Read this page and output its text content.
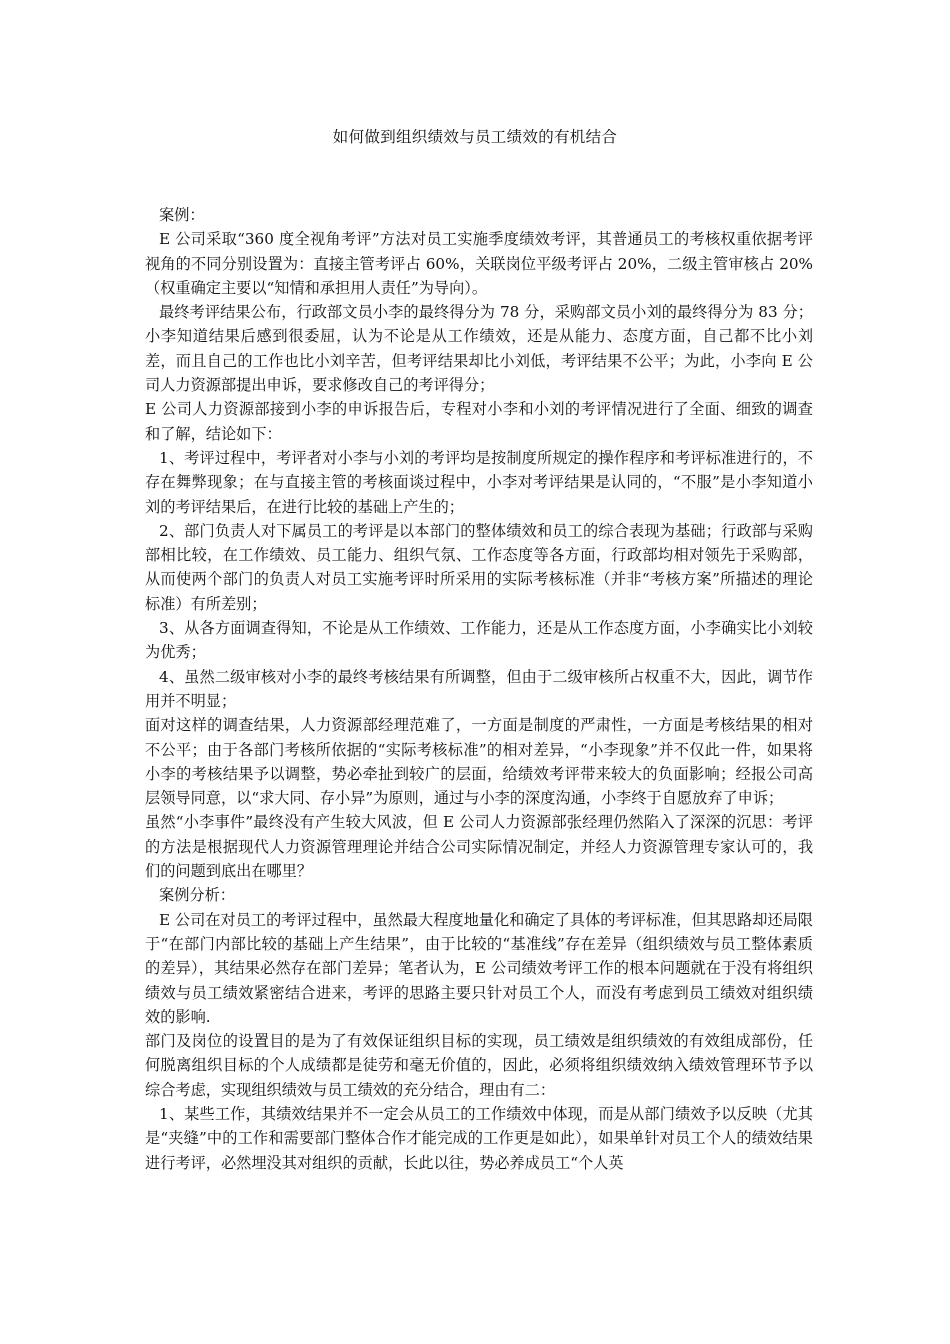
如何做到组织绩效与员工绩效的有机结合

案例：

E 公司采取“360 度全视角考评”方法对员工实施季度绩效考评，其普通员工的考核权重依据考评视角的不同分别设置为：直接主管考评占 60%，关联岗位平级考评占 20%，二级主管审核占 20%（权重确定主要以“知情和承担用人责任”为导向）。

最终考评结果公布，行政部文员小李的最终得分为 78 分，采购部文员小刘的最终得分为 83 分；小李知道结果后感到很委屈，认为不论是从工作绩效，还是从能力、态度方面，自己都不比小刘差，而且自己的工作也比小刘辛苦，但考评结果却比小刘低，考评结果不公平；为此，小李向 E 公司人力资源部提出申诉，要求修改自己的考评得分；

E 公司人力资源部接到小李的申诉报告后，专程对小李和小刘的考评情况进行了全面、细致的调查和了解，结论如下：

1、考评过程中，考评者对小李与小刘的考评均是按制度所规定的操作程序和考评标准进行的，不存在舞弊现象；在与直接主管的考核面谈过程中，小李对考评结果是认同的，“不服”是小李知道小刘的考评结果后，在进行比较的基础上产生的；

2、部门负责人对下属员工的考评是以本部门的整体绩效和员工的综合表现为基础；行政部与采购部相比较，在工作绩效、员工能力、组织气氛、工作态度等各方面，行政部均相对领先于采购部，从而使两个部门的负责人对员工实施考评时所采用的实际考核标准（并非“考核方案”所描述的理论标准）有所差别；

3、从各方面调查得知，不论是从工作绩效、工作能力，还是从工作态度方面，小李确实比小刘较为优秀；

4、虽然二级审核对小李的最终考核结果有所调整，但由于二级审核所占权重不大，因此，调节作用并不明显；

面对这样的调查结果，人力资源部经理范难了，一方面是制度的严肃性，一方面是考核结果的相对不公平；由于各部门考核所依据的“实际考核标准”的相对差异，“小李现象”并不仅此一件，如果将小李的考核结果予以调整，势必牵扯到较广的层面，给绩效考评带来较大的负面影响；经报公司高层领导同意，以“求大同、存小异”为原则，通过与小李的深度沟通，小李终于自愿放弃了申诉；

虽然“小李事件”最终没有产生较大风波，但 E 公司人力资源部张经理仍然陷入了深深的沉思：考评的方法是根据现代人力资源管理理论并结合公司实际情况制定，并经人力资源管理专家认可的，我们的问题到底出在哪里？

案例分析：

E 公司在对员工的考评过程中，虽然最大程度地量化和确定了具体的考评标准，但其思路却还局限于“在部门内部比较的基础上产生结果”，由于比较的“基准线”存在差异（组织绩效与员工整体素质的差异），其结果必然存在部门差异；笔者认为，E 公司绩效考评工作的根本问题就在于没有将组织绩效与员工绩效紧密结合进来，考评的思路主要只针对员工个人，而没有考虑到员工绩效对组织绩效的影响.

部门及岗位的设置目的是为了有效保证组织目标的实现，员工绩效是组织绩效的有效组成部份，任何脱离组织目标的个人成绩都是徒劳和毫无价值的，因此，必须将组织绩效纳入绩效管理环节予以综合考虑，实现组织绩效与员工绩效的充分结合，理由有二：

1、某些工作，其绩效结果并不一定会从员工的工作绩效中体现，而是从部门绩效予以反映（尤其是“夹缝”中的工作和需要部门整体合作才能完成的工作更是如此），如果单针对员工个人的绩效结果进行考评，必然埋没其对组织的贡献，长此以往，势必养成员工“个人英
